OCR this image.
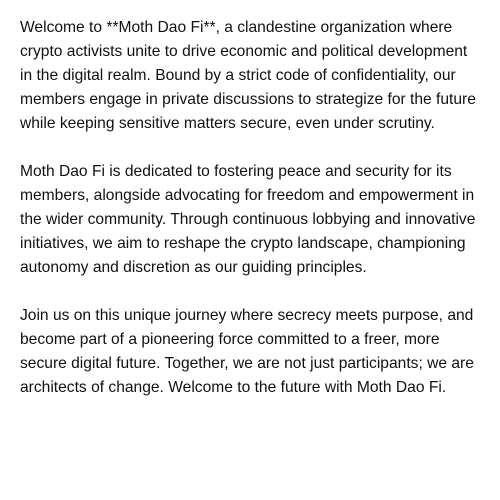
Welcome to **Moth Dao Fi**, a clandestine organization where crypto activists unite to drive economic and political development in the digital realm. Bound by a strict code of confidentiality, our members engage in private discussions to strategize for the future while keeping sensitive matters secure, even under scrutiny.

Moth Dao Fi is dedicated to fostering peace and security for its members, alongside advocating for freedom and empowerment in the wider community. Through continuous lobbying and innovative initiatives, we aim to reshape the crypto landscape, championing autonomy and discretion as our guiding principles.

Join us on this unique journey where secrecy meets purpose, and become part of a pioneering force committed to a freer, more secure digital future. Together, we are not just participants; we are architects of change. Welcome to the future with Moth Dao Fi.
